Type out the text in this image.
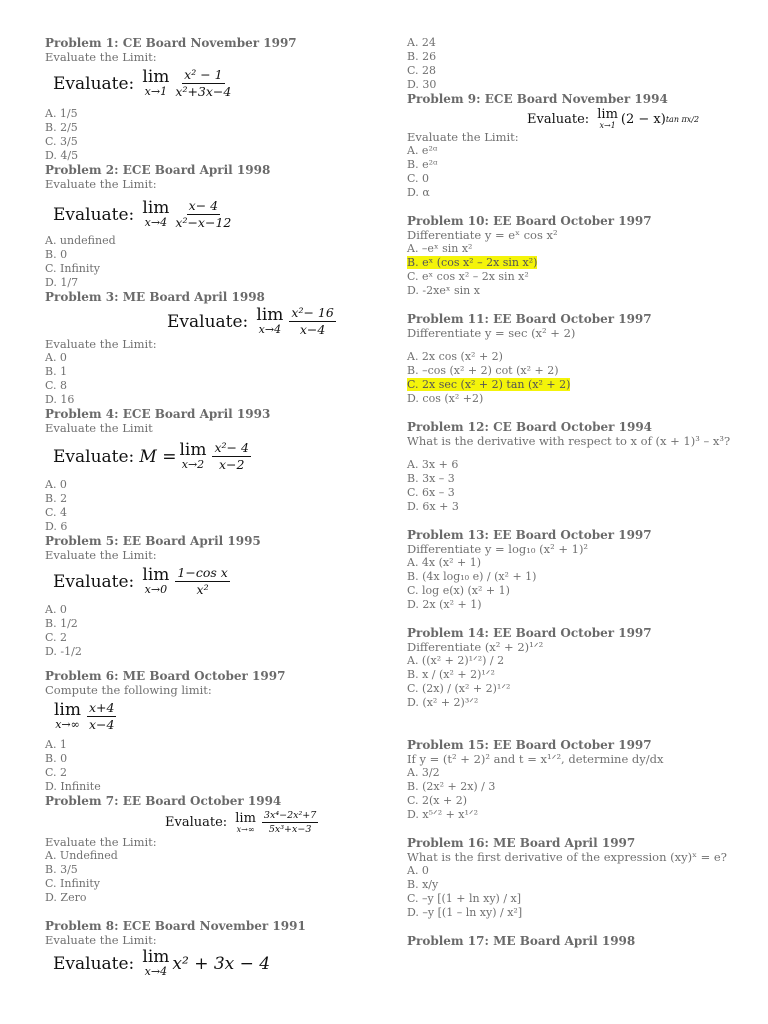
Problem 1: CE Board November 1997

Evaluate the Limit:

Evaluate:
lim
$x\to 1 \frac{\text{x² − 1}}{\text{x²+3x−4}}$

A. 1/5

B. 2/5

C. 3/5

D. 4/5

Problem 2: ECE Board April 1998

Evaluate the Limit:

Evaluate:
lim
$x\to 4 \frac{x- 4}{\text{x²−x−12}}$

A. undefined

B. 0

C. Infinity

D. 1/7

Problem 3: ME Board April 1998

Evaluate:
lim
$x\to 4 \frac{\text{x²− 16}}{x-4}$

Evaluate the Limit:

A. 0

B. 1

C. 8

D. 16

Problem 4: ECE Board April 1993

Evaluate the Limit

Evaluate:
M = lim
$x\to 2 \frac{\text{x²− 4}}{x-2}$

A. 0

B. 2

C. 4

D. 6

Problem 5: EE Board April 1995

Evaluate the Limit:

Evaluate:
lim
$x\to 0 \frac{\text{1−cos x}}{\text{x²}}$

A. 0

B. 1/2

C. 2

D. -1/2

Problem 6: ME Board October 1997

Compute the following limit:

lim
$x\to\infty \frac{x+4}{x-4}$

A. 1

B. 0

C. 2

D. Infinite

Problem 7: EE Board October 1994

Evaluate:
lim
$x\to\infty \frac{\text{3x⁴−2x²+7}}{\text{5x³+x−3}}$

Evaluate the Limit:

A. Undefined

B. 3/5

C. Infinity

D. Zero

Problem 8: ECE Board November 1991

Evaluate the Limit:

Evaluate:
lim
x→4 x² + 3x − 4

A. 24

B. 26

C. 28

D. 30

Problem 9: ECE Board November 1994

Evaluate:
lim
x→1 (2 − x) tan πx/2

Evaluate the Limit:

A. e²ᵅ

B. e²ᵅ

C. 0

D. α

Problem 10: EE Board October 1997

Differentiate y = eˣ cos x²

A. –eˣ sin x²

B. eˣ (cos x² – 2x sin x²)

C. eˣ cos x² – 2x sin x²

D. -2xeˣ sin x

Problem 11: EE Board October 1997

Differentiate y = sec (x² + 2)

A. 2x cos (x² + 2)

B. –cos (x² + 2) cot (x² + 2)

C. 2x sec (x² + 2) tan (x² + 2)

D. cos (x² +2)

Problem 12: CE Board October 1994

What is the derivative with respect to x of (x + 1)³ – x³?

A. 3x + 6

B. 3x – 3

C. 6x – 3

D. 6x + 3

Problem 13: EE Board October 1997

Differentiate y = log₁₀ (x² + 1)²

A. 4x (x² + 1)

B. (4x log₁₀ e) / (x² + 1)

C. log e(x) (x² + 1)

D. 2x (x² + 1)

Problem 14: EE Board October 1997

Differentiate (x² + 2)¹ᐟ²

A. ((x² + 2)¹ᐟ²) / 2

B. x / (x² + 2)¹ᐟ²

C. (2x) / (x² + 2)¹ᐟ²

D. (x² + 2)³ᐟ²

Problem 15: EE Board October 1997

If y = (t² + 2)² and t = x¹ᐟ², determine dy/dx

A. 3/2

B. (2x² + 2x) / 3

C. 2(x + 2)

D. x⁵ᐟ² + x¹ᐟ²

Problem 16: ME Board April 1997

What is the first derivative of the expression (xy)ˣ = e?

A. 0

B. x/y

C. –y [(1 + ln xy) / x]

D. –y [(1 – ln xy) / x²]

Problem 17: ME Board April 1998
